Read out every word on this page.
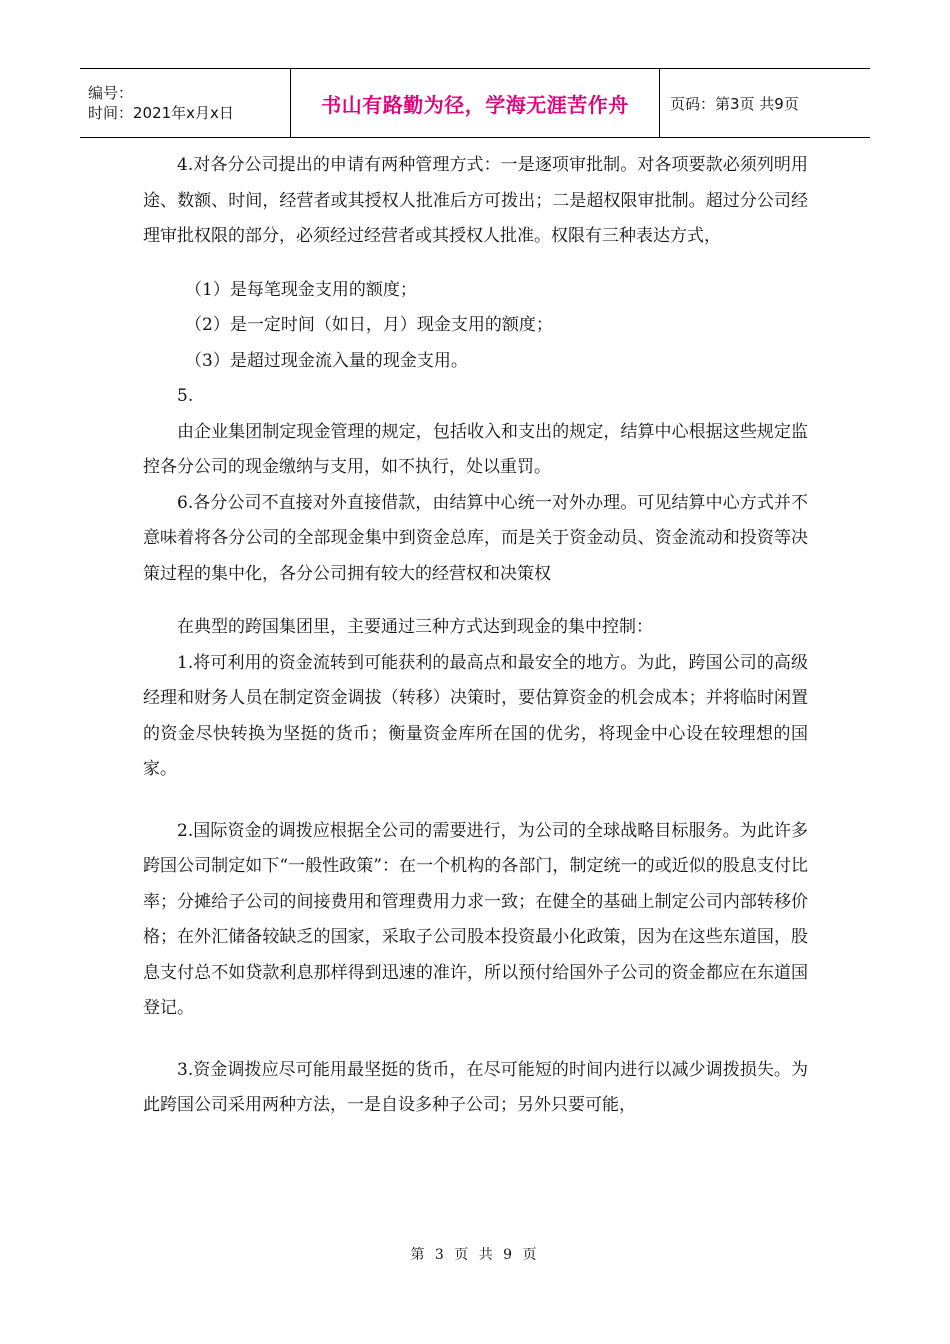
编号：
时间：2021年x月x日	书山有路勤为径，学海无涯苦作舟	页码：第3页 共9页

4.对各分公司提出的申请有两种管理方式：一是逐项审批制。对各项要款必须列明用途、数额、时间，经营者或其授权人批准后方可拨出；二是超权限审批制。超过分公司经理审批权限的部分，必须经过经营者或其授权人批准。权限有三种表达方式，

（1）是每笔现金支用的额度；

（2）是一定时间（如日，月）现金支用的额度；

（3）是超过现金流入量的现金支用。

5.

由企业集团制定现金管理的规定，包括收入和支出的规定，结算中心根据这些规定监控各分公司的现金缴纳与支用，如不执行，处以重罚。

6.各分公司不直接对外直接借款，由结算中心统一对外办理。可见结算中心方式并不意味着将各分公司的全部现金集中到资金总库，而是关于资金动员、资金流动和投资等决策过程的集中化，各分公司拥有较大的经营权和决策权

在典型的跨国集团里，主要通过三种方式达到现金的集中控制：

1.将可利用的资金流转到可能获利的最高点和最安全的地方。为此，跨国公司的高级经理和财务人员在制定资金调拔（转移）决策时，要估算资金的机会成本；并将临时闲置的资金尽快转换为坚挺的货币；衡量资金库所在国的优劣，将现金中心设在较理想的国家。

2.国际资金的调拨应根据全公司的需要进行，为公司的全球战略目标服务。为此许多跨国公司制定如下“一般性政策”：在一个机构的各部门，制定统一的或近似的股息支付比率；分摊给子公司的间接费用和管理费用力求一致；在健全的基础上制定公司内部转移价格；在外汇储备较缺乏的国家，采取子公司股本投资最小化政策，因为在这些东道国，股息支付总不如贷款利息那样得到迅速的准许，所以预付给国外子公司的资金都应在东道国登记。

3.资金调拨应尽可能用最坚挺的货币，在尽可能短的时间内进行以减少调拨损失。为此跨国公司采用两种方法，一是自设多种子公司；另外只要可能，

第 3 页 共 9 页
